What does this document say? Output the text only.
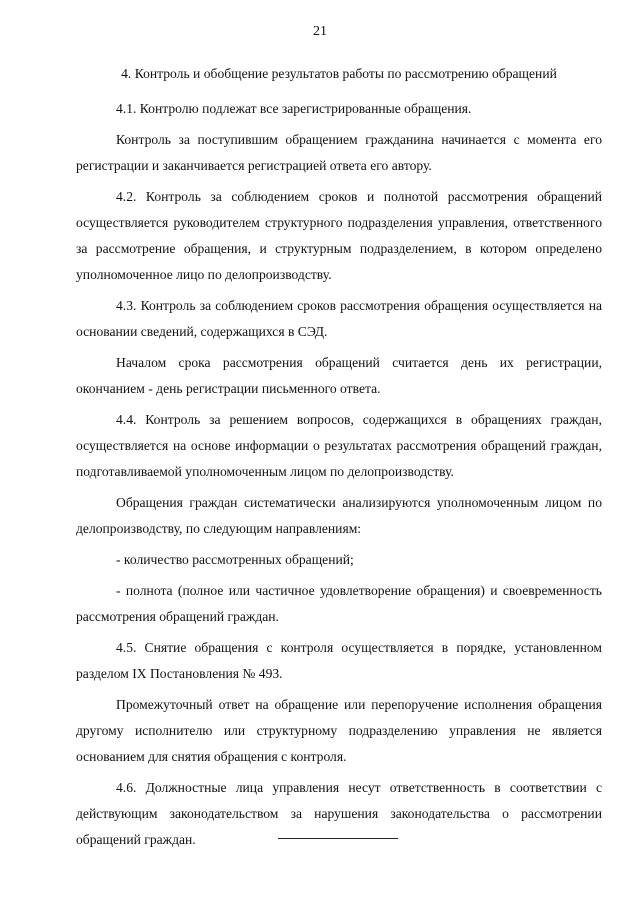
21
4. Контроль и обобщение результатов работы по рассмотрению обращений

4.1. Контролю подлежат все зарегистрированные обращения.

Контроль за поступившим обращением гражданина начинается с момента его регистрации и заканчивается регистрацией ответа его автору.

4.2. Контроль за соблюдением сроков и полнотой рассмотрения обращений осуществляется руководителем структурного подразделения управления, ответственного за рассмотрение обращения, и структурным подразделением, в котором определено уполномоченное лицо по делопроизводству.

4.3. Контроль за соблюдением сроков рассмотрения обращения осуществляется на основании сведений, содержащихся в СЭД.

Началом срока рассмотрения обращений считается день их регистрации, окончанием - день регистрации письменного ответа.

4.4. Контроль за решением вопросов, содержащихся в обращениях граждан, осуществляется на основе информации о результатах рассмотрения обращений граждан, подготавливаемой уполномоченным лицом по делопроизводству.

Обращения граждан систематически анализируются уполномоченным лицом по делопроизводству, по следующим направлениям:

- количество рассмотренных обращений;

- полнота (полное или частичное удовлетворение обращения) и своевременность рассмотрения обращений граждан.

4.5. Снятие обращения с контроля осуществляется в порядке, установленном разделом IX Постановления № 493.

Промежуточный ответ на обращение или перепоручение исполнения обращения другому исполнителю или структурному подразделению управления не является основанием для снятия обращения с контроля.

4.6. Должностные лица управления несут ответственность в соответствии с действующим законодательством за нарушения законодательства о рассмотрении обращений граждан.
